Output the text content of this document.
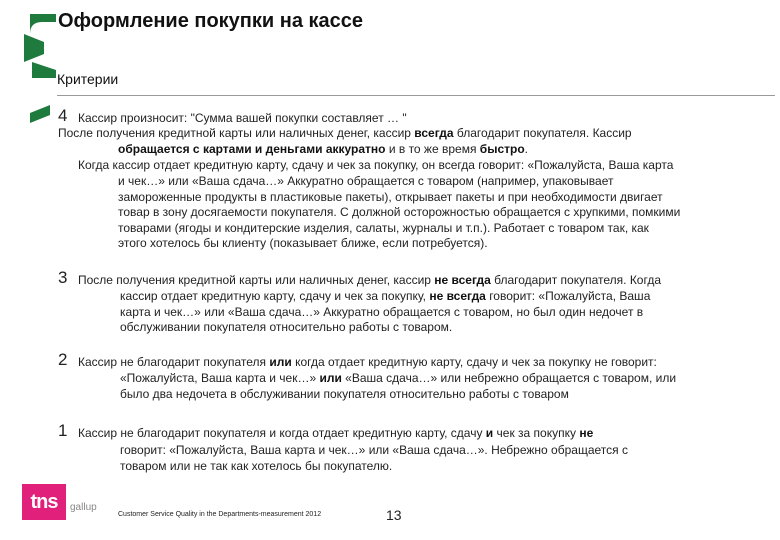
Оформление покупки на кассе
Критерии
4 Кассир произносит: "Сумма вашей покупки составляет … "
После получения кредитной карты или наличных денег, кассир всегда благодарит покупателя. Кассир
обращается с картами и деньгами аккуратно и в то же время быстро.
Когда кассир отдает кредитную карту, сдачу и чек за покупку, он всегда говорит: «Пожалуйста, Ваша карта
и чек…» или «Ваша сдача…» Аккуратно обращается с товаром (например, упаковывает
замороженные продукты в пластиковые пакеты), открывает пакеты и при необходимости двигает
товар в зону досягаемости покупателя. С должной осторожностью обращается с хрупкими, помкими
товарами (ягоды и кондитерские изделия, салаты, журналы и т.п.). Работает с товаром так, как
этого хотелось бы клиенту (показывает ближе, если потребуется).
3 После получения кредитной карты или наличных денег, кассир не всегда благодарит покупателя. Когда
кассир отдает кредитную карту, сдачу и чек за покупку, не всегда говорит: «Пожалуйста, Ваша
карта и чек…» или «Ваша сдача…» Аккуратно обращается с товаром, но был один недочет в
обслуживании покупателя относительно работы с товаром.
2 Кассир не благодарит покупателя или когда отдает кредитную карту, сдачу и чек за покупку не говорит:
«Пожалуйста, Ваша карта и чек…» или «Ваша сдача…» или небрежно обращается с товаром, или
было два недочета в обслуживании покупателя относительно работы с товаром
1 Кассир не благодарит покупателя и когда отдает кредитную карту, сдачу и чек за покупку не
говорит: «Пожалуйста, Ваша карта и чек…» или «Ваша сдача…». Небрежно обращается с
товаром или не так как хотелось бы покупателю.
tns	gallup
Customer Service Quality in the Departments-measurement 2012	13
